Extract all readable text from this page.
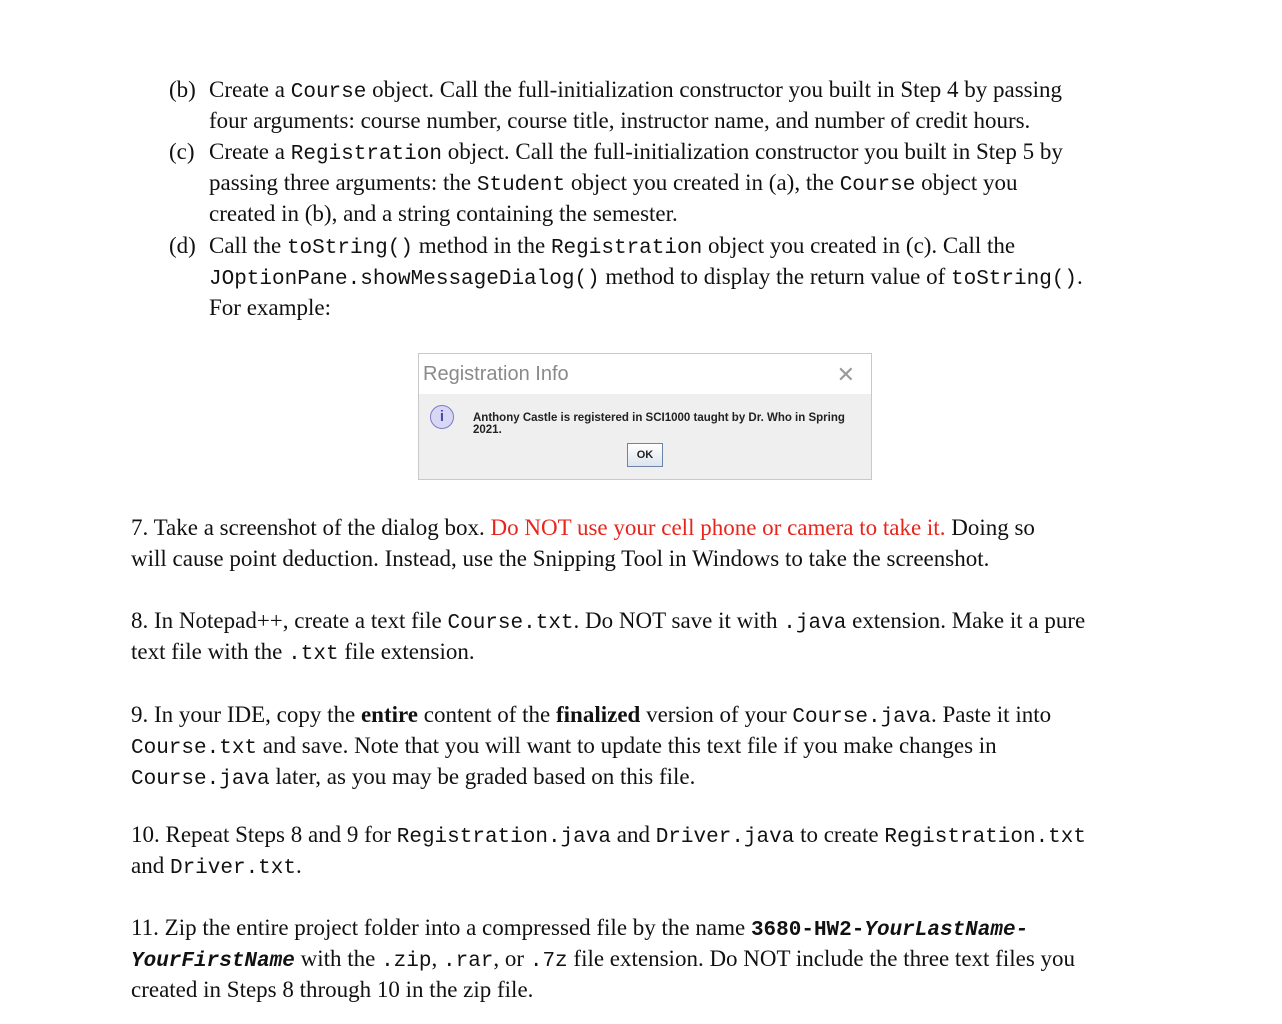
(b) Create a Course object. Call the full-initialization constructor you built in Step 4 by passing
four arguments: course number, course title, instructor name, and number of credit hours.
(c) Create a Registration object. Call the full-initialization constructor you built in Step 5 by
passing three arguments: the Student object you created in (a), the Course object you
created in (b), and a string containing the semester.
(d) Call the toString() method in the Registration object you created in (c). Call the
JOptionPane.showMessageDialog() method to display the return value of toString().
For example:
7. Take a screenshot of the dialog box. Do NOT use your cell phone or camera to take it. Doing so
will cause point deduction. Instead, use the Snipping Tool in Windows to take the screenshot.
8. In Notepad++, create a text file Course.txt. Do NOT save it with .java extension. Make it a pure
text file with the .txt file extension.
9. In your IDE, copy the entire content of the finalized version of your Course.java. Paste it into
Course.txt and save. Note that you will want to update this text file if you make changes in
Course.java later, as you may be graded based on this file.
10. Repeat Steps 8 and 9 for Registration.java and Driver.java to create Registration.txt
and Driver.txt.
11. Zip the entire project folder into a compressed file by the name 3680-HW2-YourLastName-
YourFirstName with the .zip, .rar, or .7z file extension. Do NOT include the three text files you
created in Steps 8 through 10 in the zip file.
Registration Info	✕
i	Anthony Castle is registered in SCI1000 taught by Dr. Who in Spring 2021.
OK
